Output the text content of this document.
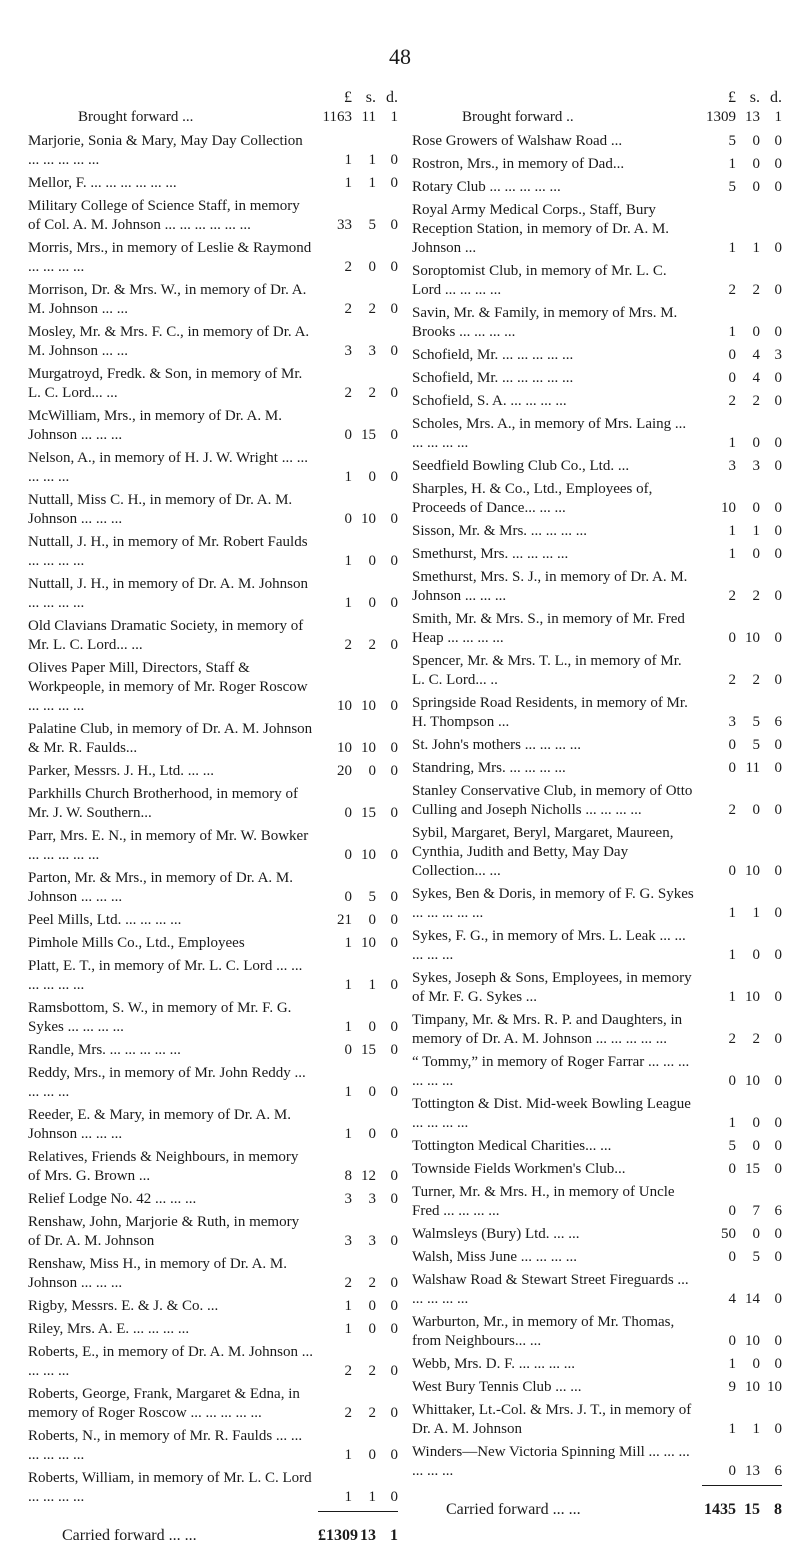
48
£ s. d.
Brought forward ...	1163 11 1
Marjorie, Sonia & Mary, May Day Collection ... ... ... ... ...	1	1 0
Mellor, F. ... ... ... ... ... ...	1	1 0
Military College of Science Staff, in memory of Col. A. M. Johnson ... ... ... ... ... ...	33	5 0
Morris, Mrs., in memory of Leslie & Raymond ... ... ... ...	2	0 0
Morrison, Dr. & Mrs. W., in memory of Dr. A. M. Johnson ... ...	2	2 0
Mosley, Mr. & Mrs. F. C., in memory of Dr. A. M. Johnson ... ...	3	3 0
Murgatroyd, Fredk. & Son, in memory of Mr. L. C. Lord... ...	2	2 0
McWilliam, Mrs., in memory of Dr. A. M. Johnson ... ... ...	0 15 0
Nelson, A., in memory of H. J. W. Wright ... ... ... ... ...	1	0 0
Nuttall, Miss C. H., in memory of Dr. A. M. Johnson ... ... ...	0 10 0
Nuttall, J. H., in memory of Mr. Robert Faulds ... ... ... ...	1	0 0
Nuttall, J. H., in memory of Dr. A. M. Johnson ... ... ... ...	1	0 0
Old Clavians Dramatic Society, in memory of Mr. L. C. Lord... ...	2	2 0
Olives Paper Mill, Directors, Staff & Workpeople, in memory of Mr. Roger Roscow ... ... ... ...	10 10 0
Palatine Club, in memory of Dr. A. M. Johnson & Mr. R. Faulds...	10 10 0
Parker, Messrs. J. H., Ltd. ... ...	20	0 0
Parkhills Church Brotherhood, in memory of Mr. J. W. Southern...	0 15 0
Parr, Mrs. E. N., in memory of Mr. W. Bowker ... ... ... ... ...	0 10 0
Parton, Mr. & Mrs., in memory of Dr. A. M. Johnson ... ... ...	0	5 0
Peel Mills, Ltd. ... ... ... ...	21	0 0
Pimhole Mills Co., Ltd., Employees	1 10 0
Platt, E. T., in memory of Mr. L. C. Lord ... ... ... ... ... ...	1	1 0
Ramsbottom, S. W., in memory of Mr. F. G. Sykes ... ... ... ...	1	0 0
Randle, Mrs. ... ... ... ... ...	0 15 0
Reddy, Mrs., in memory of Mr. John Reddy ... ... ... ...	1	0 0
Reeder, E. & Mary, in memory of Dr. A. M. Johnson ... ... ...	1	0 0
Relatives, Friends & Neighbours, in memory of Mrs. G. Brown ...	8 12 0
Relief Lodge No. 42 ... ... ...	3	3 0
Renshaw, John, Marjorie & Ruth, in memory of Dr. A. M. Johnson	3	3 0
Renshaw, Miss H., in memory of Dr. A. M. Johnson ... ... ...	2	2 0
Rigby, Messrs. E. & J. & Co. ...	1	0 0
Riley, Mrs. A. E. ... ... ... ...	1	0 0
Roberts, E., in memory of Dr. A. M. Johnson ... ... ... ...	2	2 0
Roberts, George, Frank, Margaret & Edna, in memory of Roger Roscow ... ... ... ... ...	2	2 0
Roberts, N., in memory of Mr. R. Faulds ... ... ... ... ... ...	1	0 0
Roberts, William, in memory of Mr. L. C. Lord ... ... ... ...	1	1 0
Carried forward ... ...	£1309 13 1
£ s. d.
Brought forward ..	1309 13 1
Rose Growers of Walshaw Road ...	5	0 0
Rostron, Mrs., in memory of Dad...	1	0 0
Rotary Club ... ... ... ... ...	5	0 0
Royal Army Medical Corps., Staff, Bury Reception Station, in memory of Dr. A. M. Johnson ...	1	1 0
Soroptomist Club, in memory of Mr. L. C. Lord ... ... ... ...	2	2 0
Savin, Mr. & Family, in memory of Mrs. M. Brooks ... ... ... ...	1	0 0
Schofield, Mr. ... ... ... ... ...	0	4 3
Schofield, Mr. ... ... ... ... ...	0	4 0
Schofield, S. A. ... ... ... ...	2	2 0
Scholes, Mrs. A., in memory of Mrs. Laing ... ... ... ... ...	1	0 0
Seedfield Bowling Club Co., Ltd. ...	3	3 0
Sharples, H. & Co., Ltd., Employees of, Proceeds of Dance... ... ...	10	0 0
Sisson, Mr. & Mrs. ... ... ... ...	1	1 0
Smethurst, Mrs. ... ... ... ...	1	0 0
Smethurst, Mrs. S. J., in memory of Dr. A. M. Johnson ... ... ...	2	2 0
Smith, Mr. & Mrs. S., in memory of Mr. Fred Heap ... ... ... ...	0 10 0
Spencer, Mr. & Mrs. T. L., in memory of Mr. L. C. Lord... ..	2	2 0
Springside Road Residents, in memory of Mr. H. Thompson ...	3	5 6
St. John's mothers ... ... ... ...	0	5 0
Standring, Mrs. ... ... ... ...	0 11 0
Stanley Conservative Club, in memory of Otto Culling and Joseph Nicholls ... ... ... ...	2	0 0
Sybil, Margaret, Beryl, Margaret, Maureen, Cynthia, Judith and Betty, May Day Collection... ...	0 10 0
Sykes, Ben & Doris, in memory of F. G. Sykes ... ... ... ... ...	1	1 0
Sykes, F. G., in memory of Mrs. L. Leak ... ... ... ... ...	1	0 0
Sykes, Joseph & Sons, Employees, in memory of Mr. F. G. Sykes ...	1 10 0
Timpany, Mr. & Mrs. R. P. and Daughters, in memory of Dr. A. M. Johnson ... ... ... ... ...	2	2 0
“ Tommy,” in memory of Roger Farrar ... ... ... ... ... ...	0 10 0
Tottington & Dist. Mid-week Bowling League ... ... ... ...	1	0 0
Tottington Medical Charities... ...	5	0 0
Townside Fields Workmen's Club...	0 15 0
Turner, Mr. & Mrs. H., in memory of Uncle Fred ... ... ... ...	0	7 6
Walmsleys (Bury) Ltd. ... ...	50	0 0
Walsh, Miss June ... ... ... ...	0	5 0
Walshaw Road & Stewart Street Fireguards ... ... ... ... ...	4 14 0
Warburton, Mr., in memory of Mr. Thomas, from Neighbours... ...	0 10 0
Webb, Mrs. D. F. ... ... ... ...	1	0 0
West Bury Tennis Club ... ...	9 10 10
Whittaker, Lt.-Col. & Mrs. J. T., in memory of Dr. A. M. Johnson	1	1 0
Winders—New Victoria Spinning Mill ... ... ... ... ... ...	0 13 6
Carried forward ... ...	1435 15 8
